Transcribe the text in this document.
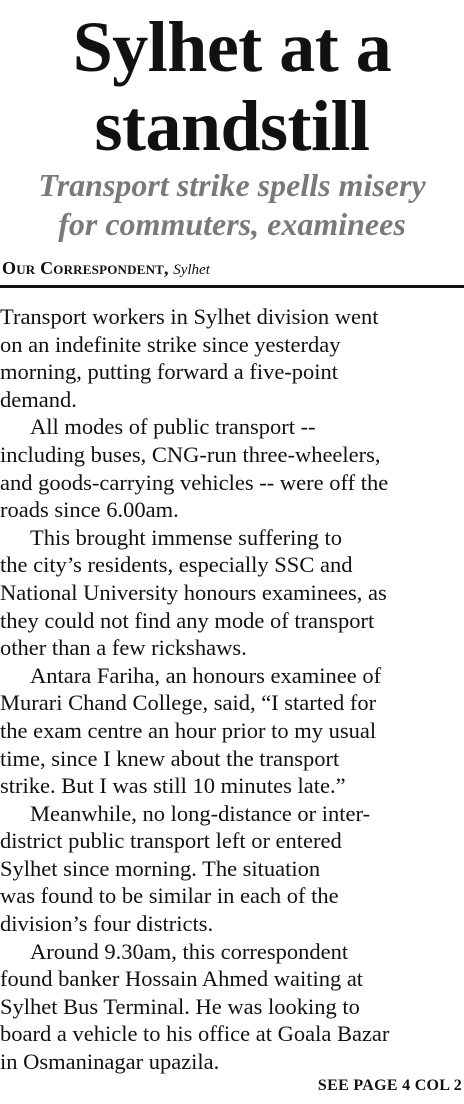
Sylhet at a
standstill
Transport strike spells misery
for commuters, examinees
Our Correspondent, Sylhet
Transport workers in Sylhet division went
on an indefinite strike since yesterday
morning, putting forward a five-point
demand.
All modes of public transport --
including buses, CNG-run three-wheelers,
and goods-carrying vehicles -- were off the
roads since 6.00am.
This brought immense suffering to
the city’s residents, especially SSC and
National University honours examinees, as
they could not find any mode of transport
other than a few rickshaws.
Antara Fariha, an honours examinee of
Murari Chand College, said, “I started for
the exam centre an hour prior to my usual
time, since I knew about the transport
strike. But I was still 10 minutes late.”
Meanwhile, no long-distance or inter-
district public transport left or entered
Sylhet since morning. The situation
was found to be similar in each of the
division’s four districts.
Around 9.30am, this correspondent
found banker Hossain Ahmed waiting at
Sylhet Bus Terminal. He was looking to
board a vehicle to his office at Goala Bazar
in Osmaninagar upazila.
SEE PAGE 4 COL 2
